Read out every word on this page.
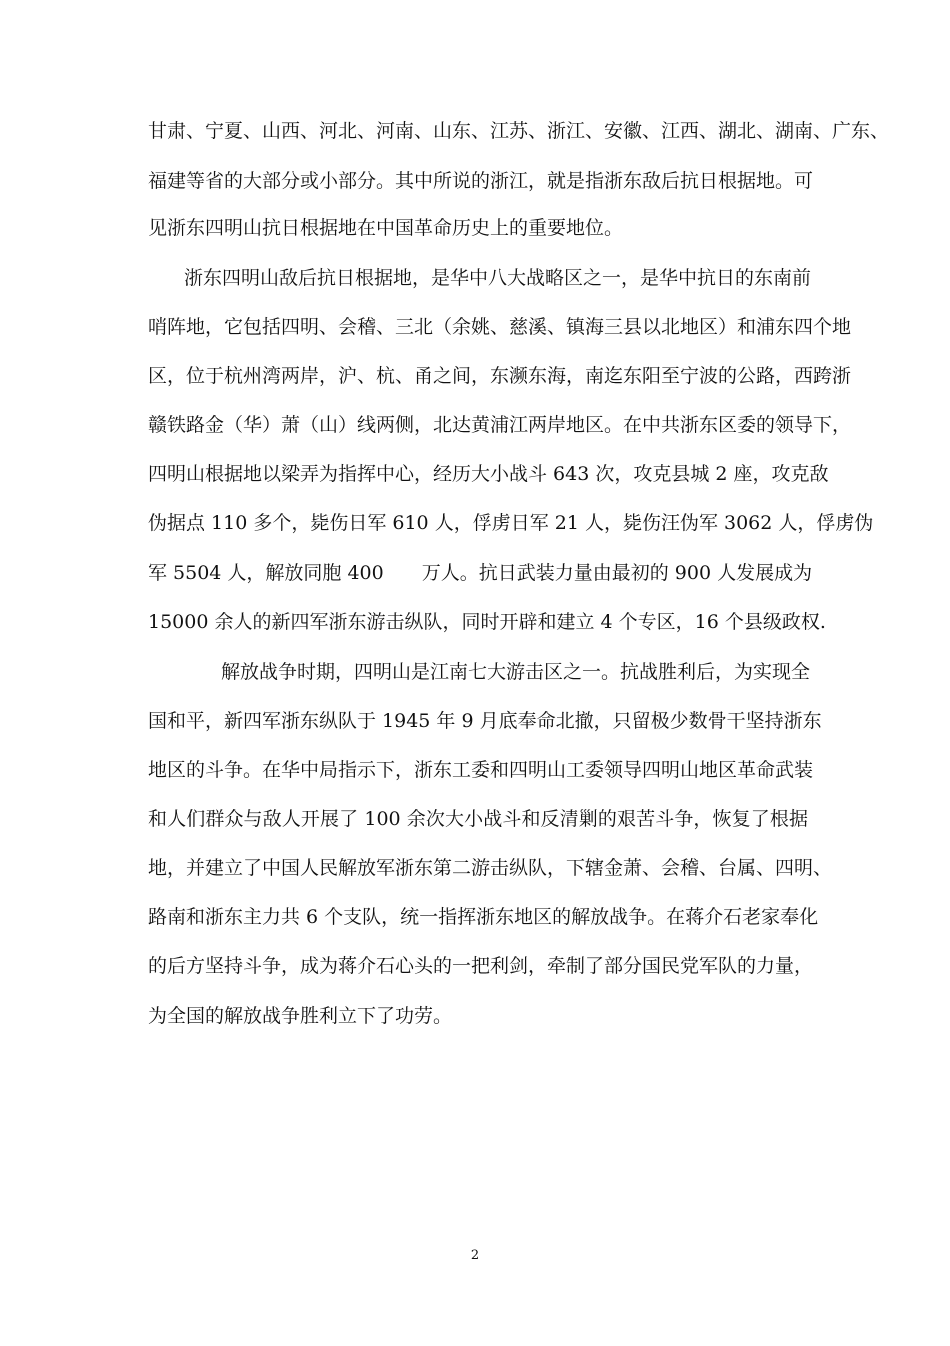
甘肃、宁夏、山西、河北、河南、山东、江苏、浙江、安徽、江西、湖北、湖南、广东、
福建等省的大部分或小部分。其中所说的浙江，就是指浙东敌后抗日根据地。可
见浙东四明山抗日根据地在中国革命历史上的重要地位。
浙东四明山敌后抗日根据地，是华中八大战略区之一，是华中抗日的东南前
哨阵地，它包括四明、会稽、三北（余姚、慈溪、镇海三县以北地区）和浦东四个地
区，位于杭州湾两岸，沪、杭、甬之间，东濒东海，南迄东阳至宁波的公路，西跨浙
赣铁路金（华）萧（山）线两侧，北达黄浦江两岸地区。在中共浙东区委的领导下，
四明山根据地以梁弄为指挥中心，经历大小战斗 643 次，攻克县城 2 座，攻克敌
伪据点 110 多个，毙伤日军 610 人，俘虏日军 21 人，毙伤汪伪军 3062 人，俘虏伪
军 5504 人，解放同胞 400　　万人。抗日武装力量由最初的 900 人发展成为
15000 余人的新四军浙东游击纵队，同时开辟和建立 4 个专区，16 个县级政权.
解放战争时期，四明山是江南七大游击区之一。抗战胜利后，为实现全
国和平，新四军浙东纵队于 1945 年 9 月底奉命北撤，只留极少数骨干坚持浙东
地区的斗争。在华中局指示下，浙东工委和四明山工委领导四明山地区革命武装
和人们群众与敌人开展了 100 余次大小战斗和反清剿的艰苦斗争，恢复了根据
地，并建立了中国人民解放军浙东第二游击纵队，下辖金萧、会稽、台属、四明、
路南和浙东主力共 6 个支队，统一指挥浙东地区的解放战争。在蒋介石老家奉化
的后方坚持斗争，成为蒋介石心头的一把利剑，牵制了部分国民党军队的力量，
为全国的解放战争胜利立下了功劳。
2
